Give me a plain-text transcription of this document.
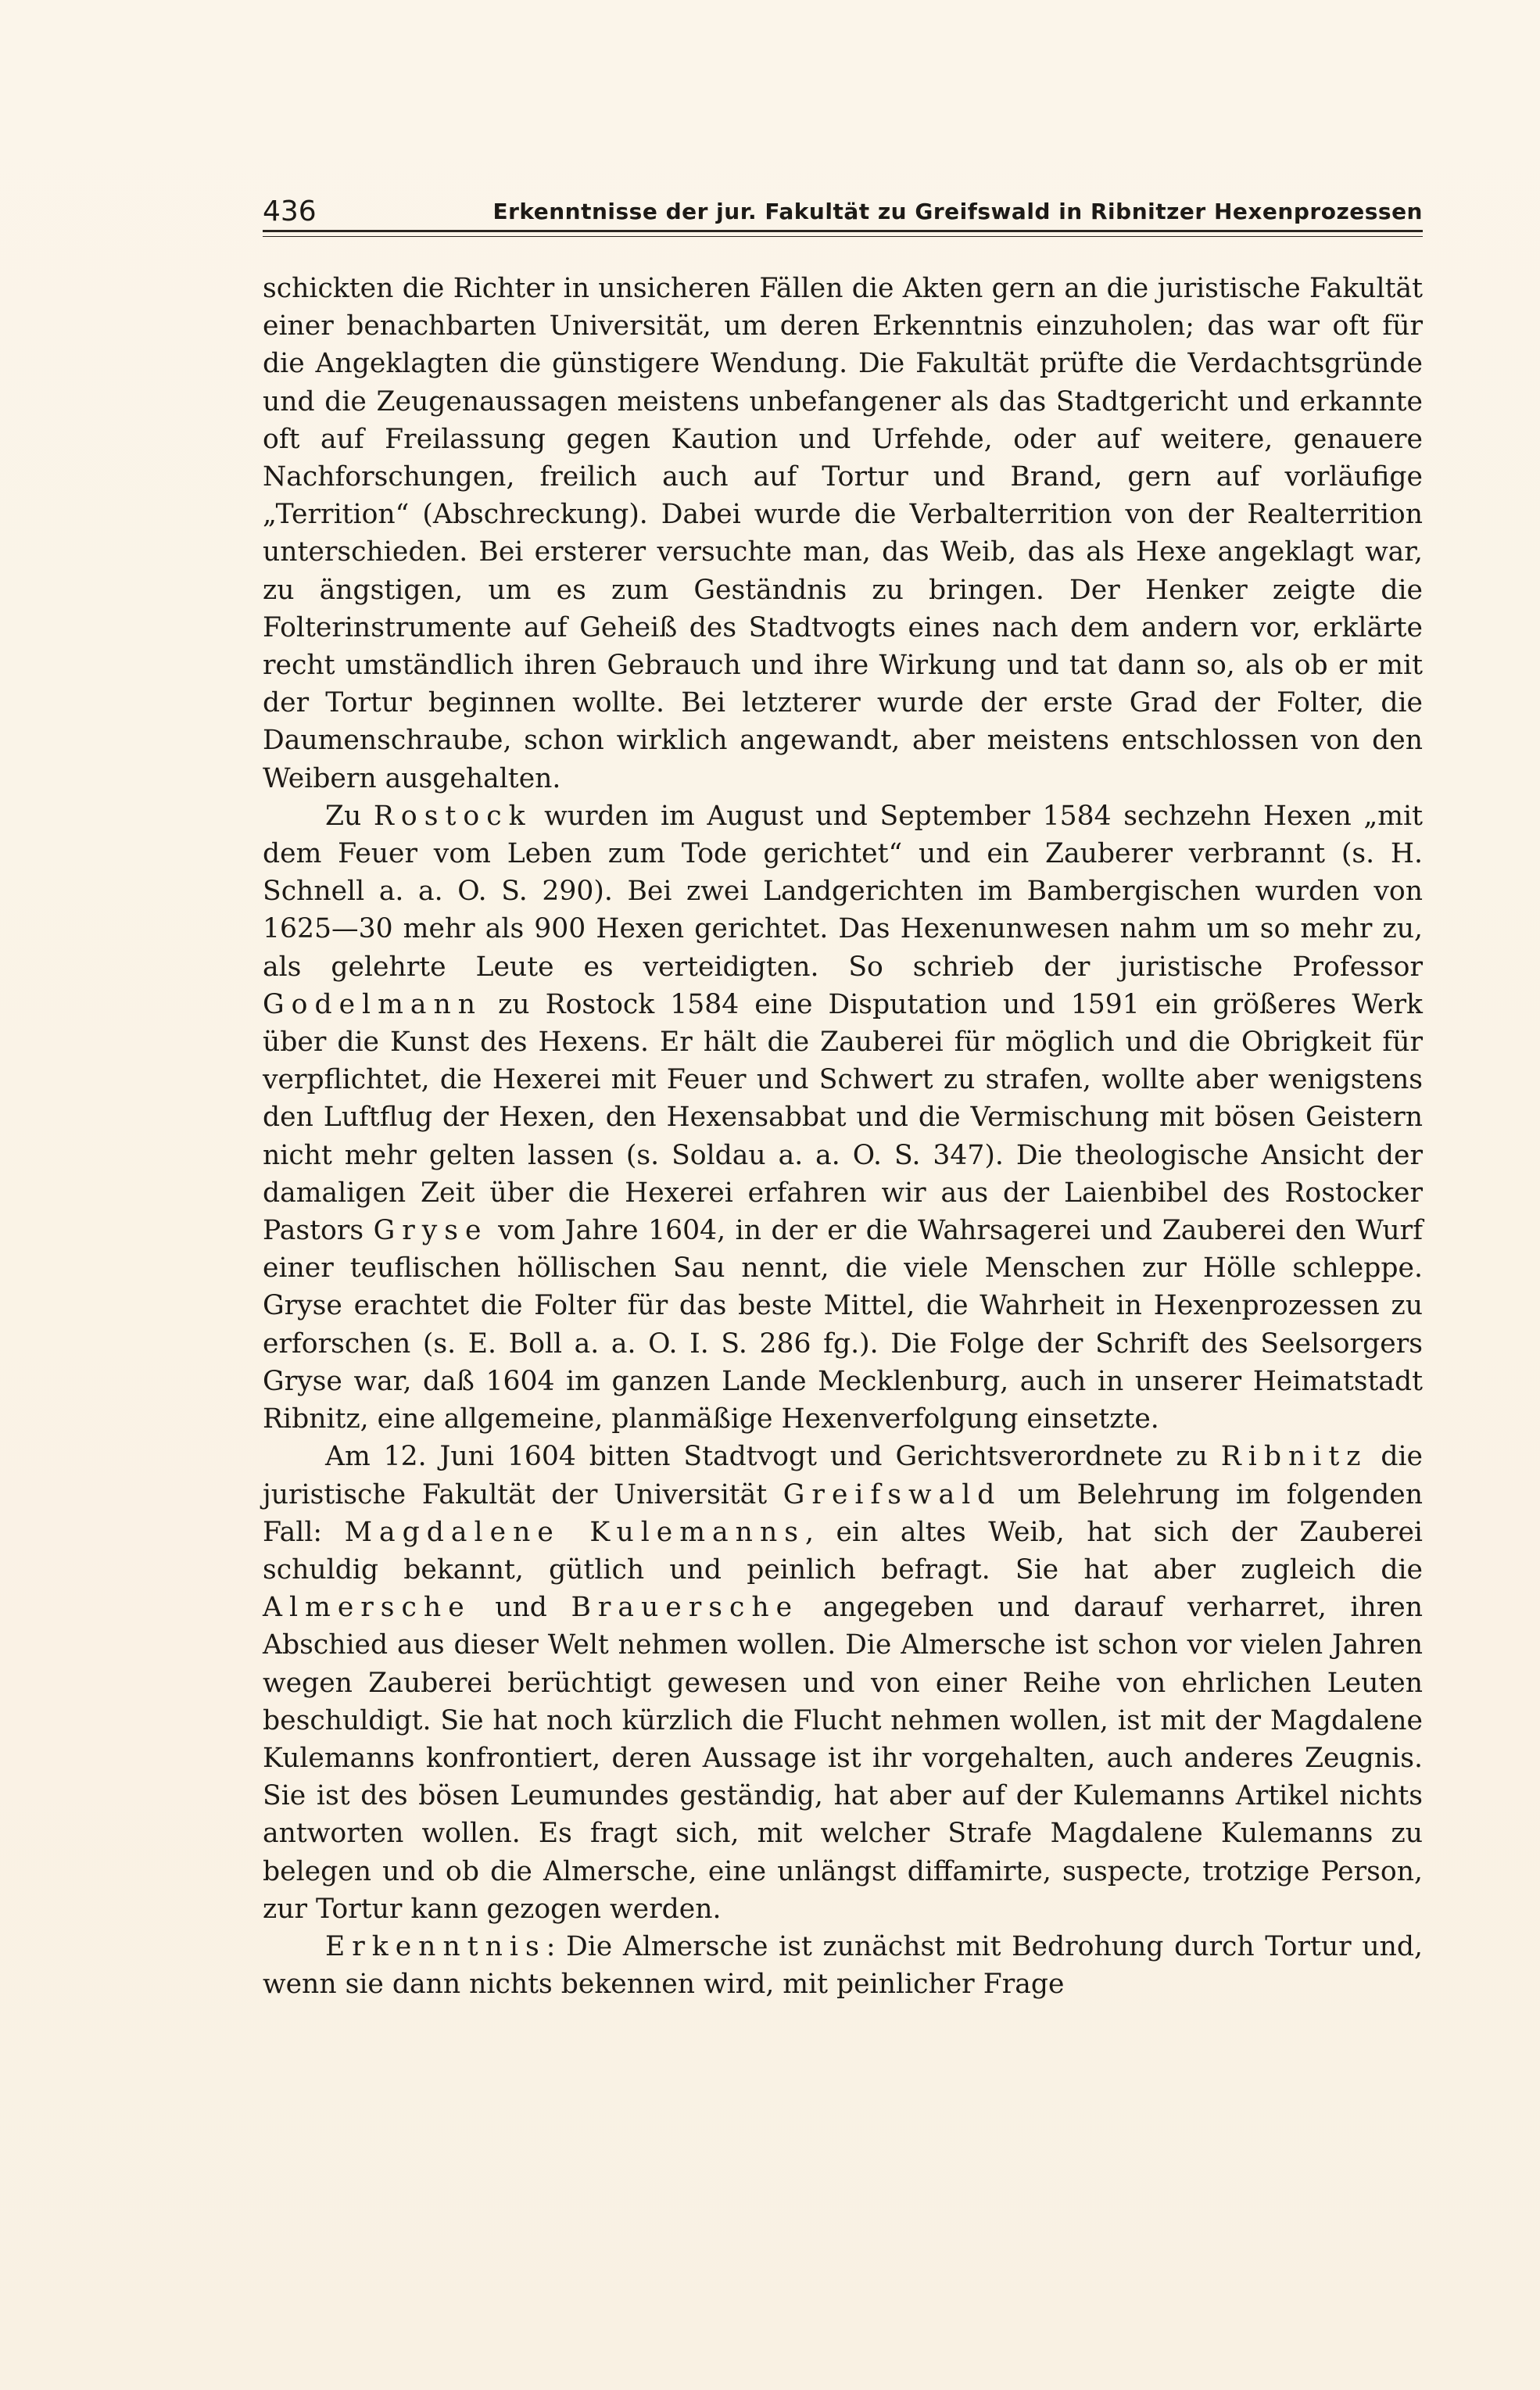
436	Erkenntnisse der jur. Fakultät zu Greifswald in Ribnitzer Hexenprozessen

schickten die Richter in unsicheren Fällen die Akten gern an die juristische Fakultät einer benachbarten Universität, um deren Erkenntnis einzuholen; das war oft für die Angeklagten die günstigere Wendung. Die Fakultät prüfte die Verdachtsgründe und die Zeugenaussagen meistens unbefangener als das Stadtgericht und erkannte oft auf Freilassung gegen Kaution und Urfehde, oder auf weitere, genauere Nachforschungen, freilich auch auf Tortur und Brand, gern auf vorläufige „Territion“ (Abschreckung). Dabei wurde die Verbalterrition von der Realterrition unterschieden. Bei ersterer versuchte man, das Weib, das als Hexe angeklagt war, zu ängstigen, um es zum Geständnis zu bringen. Der Henker zeigte die Folterinstrumente auf Geheiß des Stadtvogts eines nach dem andern vor, erklärte recht umständlich ihren Gebrauch und ihre Wirkung und tat dann so, als ob er mit der Tortur beginnen wollte. Bei letzterer wurde der erste Grad der Folter, die Daumenschraube, schon wirklich angewandt, aber meistens entschlossen von den Weibern ausgehalten.

Zu Rostock wurden im August und September 1584 sechzehn Hexen „mit dem Feuer vom Leben zum Tode gerichtet“ und ein Zauberer verbrannt (s. H. Schnell a. a. O. S. 290). Bei zwei Landgerichten im Bambergischen wurden von 1625—30 mehr als 900 Hexen gerichtet. Das Hexenunwesen nahm um so mehr zu, als gelehrte Leute es verteidigten. So schrieb der juristische Professor Godelmann zu Rostock 1584 eine Disputation und 1591 ein größeres Werk über die Kunst des Hexens. Er hält die Zauberei für möglich und die Obrigkeit für verpflichtet, die Hexerei mit Feuer und Schwert zu strafen, wollte aber wenigstens den Luftflug der Hexen, den Hexensabbat und die Vermischung mit bösen Geistern nicht mehr gelten lassen (s. Soldau a. a. O. S. 347). Die theologische Ansicht der damaligen Zeit über die Hexerei erfahren wir aus der Laienbibel des Rostocker Pastors Gryse vom Jahre 1604, in der er die Wahrsagerei und Zauberei den Wurf einer teuflischen höllischen Sau nennt, die viele Menschen zur Hölle schleppe. Gryse erachtet die Folter für das beste Mittel, die Wahrheit in Hexenprozessen zu erforschen (s. E. Boll a. a. O. I. S. 286 fg.). Die Folge der Schrift des Seelsorgers Gryse war, daß 1604 im ganzen Lande Mecklenburg, auch in unserer Heimatstadt Ribnitz, eine allgemeine, planmäßige Hexenverfolgung einsetzte.

Am 12. Juni 1604 bitten Stadtvogt und Gerichtsverordnete zu Ribnitz die juristische Fakultät der Universität Greifswald um Belehrung im folgenden Fall: Magdalene Kulemanns, ein altes Weib, hat sich der Zauberei schuldig bekannt, gütlich und peinlich befragt. Sie hat aber zugleich die Almersche und Brauersche angegeben und darauf verharret, ihren Abschied aus dieser Welt nehmen wollen. Die Almersche ist schon vor vielen Jahren wegen Zauberei berüchtigt gewesen und von einer Reihe von ehrlichen Leuten beschuldigt. Sie hat noch kürzlich die Flucht nehmen wollen, ist mit der Magdalene Kulemanns konfrontiert, deren Aussage ist ihr vorgehalten, auch anderes Zeugnis. Sie ist des bösen Leumundes geständig, hat aber auf der Kulemanns Artikel nichts antworten wollen. Es fragt sich, mit welcher Strafe Magdalene Kulemanns zu belegen und ob die Almersche, eine unlängst diffamirte, suspecte, trotzige Person, zur Tortur kann gezogen werden.

Erkenntnis: Die Almersche ist zunächst mit Bedrohung durch Tortur und, wenn sie dann nichts bekennen wird, mit peinlicher Frage
